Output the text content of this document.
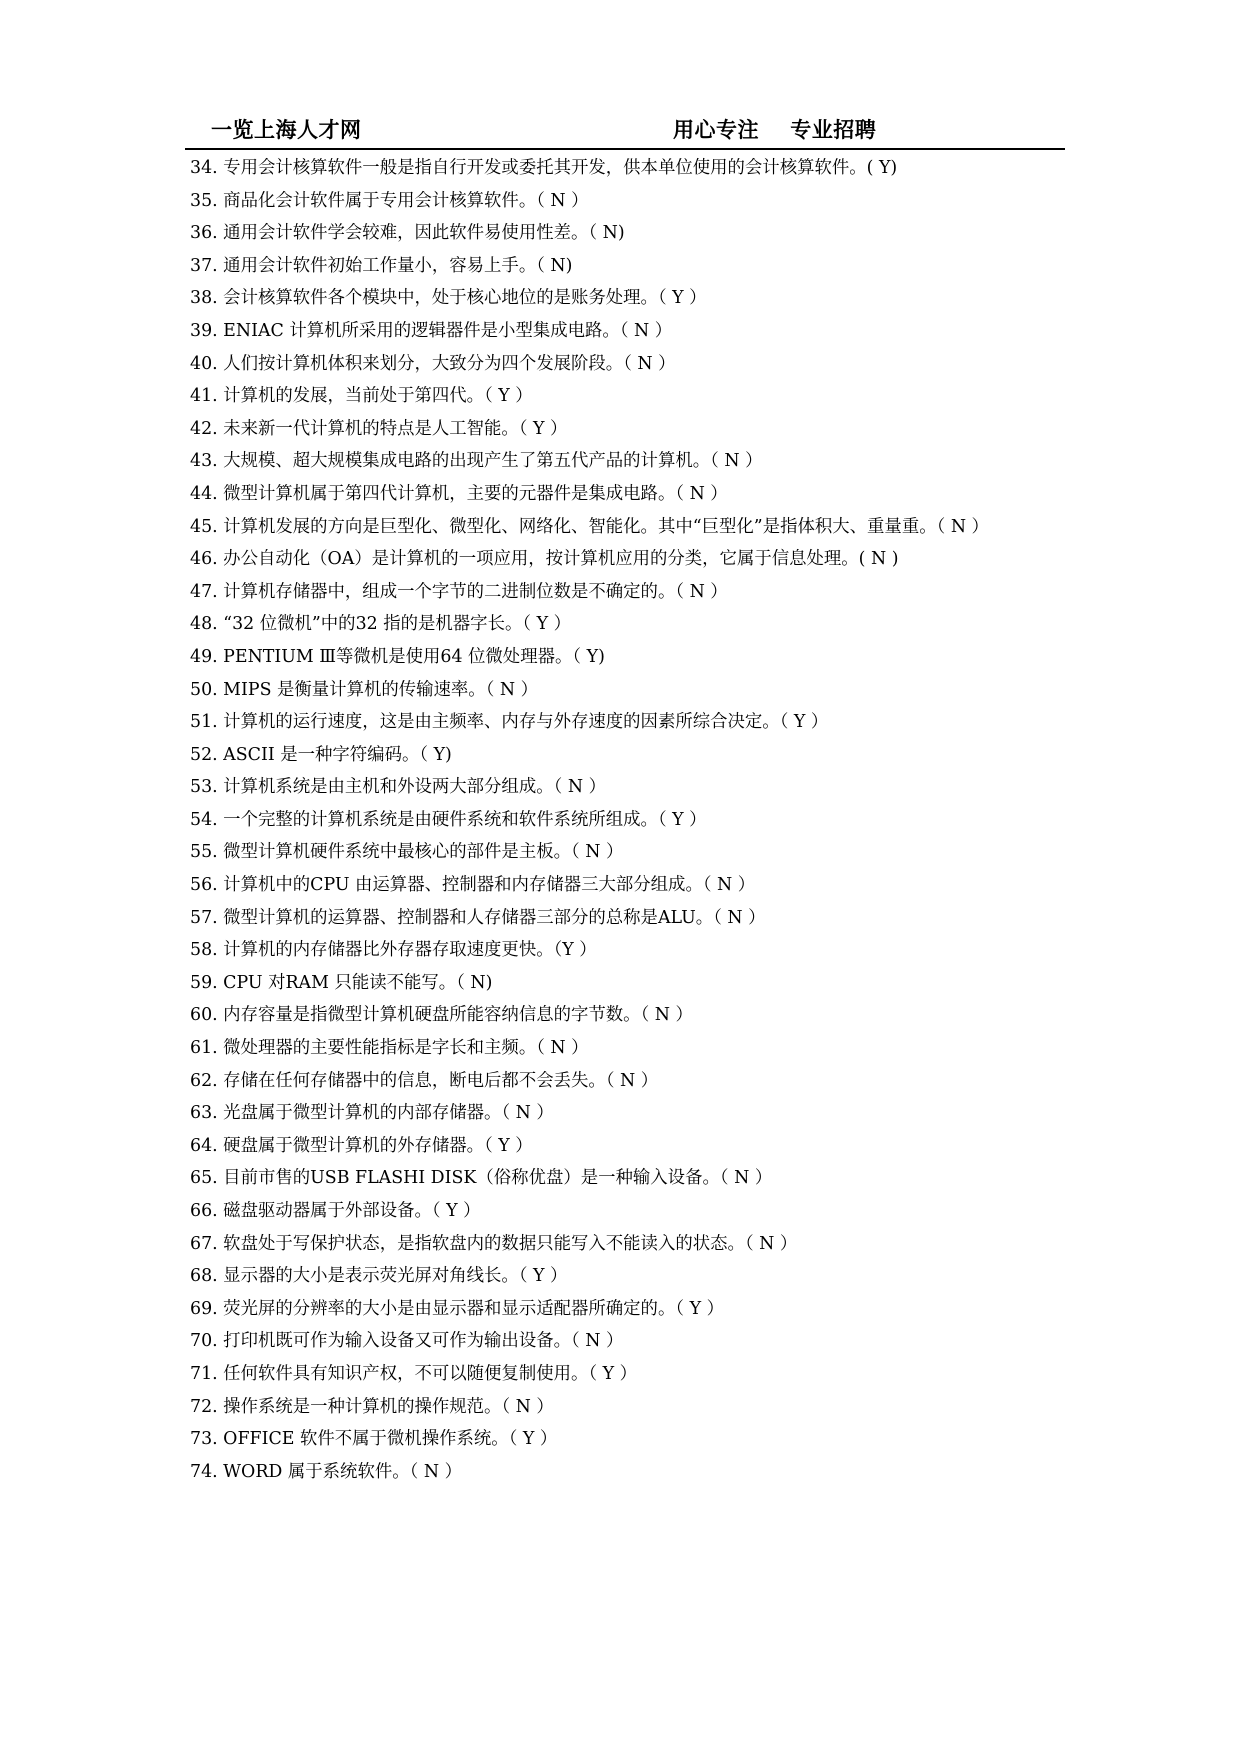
一览上海人才网	用心专注    专业招聘
34. 专用会计核算软件一般是指自行开发或委托其开发，供本单位使用的会计核算软件。( Y)
35. 商品化会计软件属于专用会计核算软件。（ N ）
36. 通用会计软件学会较难，因此软件易使用性差。（ N)
37. 通用会计软件初始工作量小，容易上手。（ N)
38. 会计核算软件各个模块中，处于核心地位的是账务处理。（ Y ）
39. ENIAC 计算机所采用的逻辑器件是小型集成电路。（ N ）
40. 人们按计算机体积来划分，大致分为四个发展阶段。（ N ）
41. 计算机的发展，当前处于第四代。（ Y ）
42. 未来新一代计算机的特点是人工智能。（ Y ）
43. 大规模、超大规模集成电路的出现产生了第五代产品的计算机。（ N ）
44. 微型计算机属于第四代计算机，主要的元器件是集成电路。（ N ）
45. 计算机发展的方向是巨型化、微型化、网络化、智能化。其中“巨型化”是指体积大、重量重。（ N ）
46. 办公自动化（OA）是计算机的一项应用，按计算机应用的分类，它属于信息处理。( N )
47. 计算机存储器中，组成一个字节的二进制位数是不确定的。（ N ）
48. “32 位微机”中的32 指的是机器字长。（ Y ）
49. PENTIUM Ⅲ等微机是使用64 位微处理器。（ Y)
50. MIPS 是衡量计算机的传输速率。（ N ）
51. 计算机的运行速度，这是由主频率、内存与外存速度的因素所综合决定。（ Y ）
52. ASCII 是一种字符编码。（ Y)
53. 计算机系统是由主机和外设两大部分组成。（ N ）
54. 一个完整的计算机系统是由硬件系统和软件系统所组成。（ Y ）
55. 微型计算机硬件系统中最核心的部件是主板。（ N ）
56. 计算机中的CPU 由运算器、控制器和内存储器三大部分组成。（ N ）
57. 微型计算机的运算器、控制器和人存储器三部分的总称是ALU。（ N ）
58. 计算机的内存储器比外存器存取速度更快。（Y ）
59. CPU 对RAM 只能读不能写。（ N)
60. 内存容量是指微型计算机硬盘所能容纳信息的字节数。（ N ）
61. 微处理器的主要性能指标是字长和主频。（ N ）
62. 存储在任何存储器中的信息，断电后都不会丢失。（ N ）
63. 光盘属于微型计算机的内部存储器。（ N ）
64. 硬盘属于微型计算机的外存储器。（ Y ）
65. 目前市售的USB FLASHI DISK（俗称优盘）是一种输入设备。（ N ）
66. 磁盘驱动器属于外部设备。（ Y ）
67. 软盘处于写保护状态，是指软盘内的数据只能写入不能读入的状态。（ N ）
68. 显示器的大小是表示荧光屏对角线长。（ Y ）
69. 荧光屏的分辨率的大小是由显示器和显示适配器所确定的。（ Y ）
70. 打印机既可作为输入设备又可作为输出设备。（ N ）
71. 任何软件具有知识产权，不可以随便复制使用。（ Y ）
72. 操作系统是一种计算机的操作规范。（ N ）
73. OFFICE 软件不属于微机操作系统。（ Y ）
74. WORD 属于系统软件。（ N ）
